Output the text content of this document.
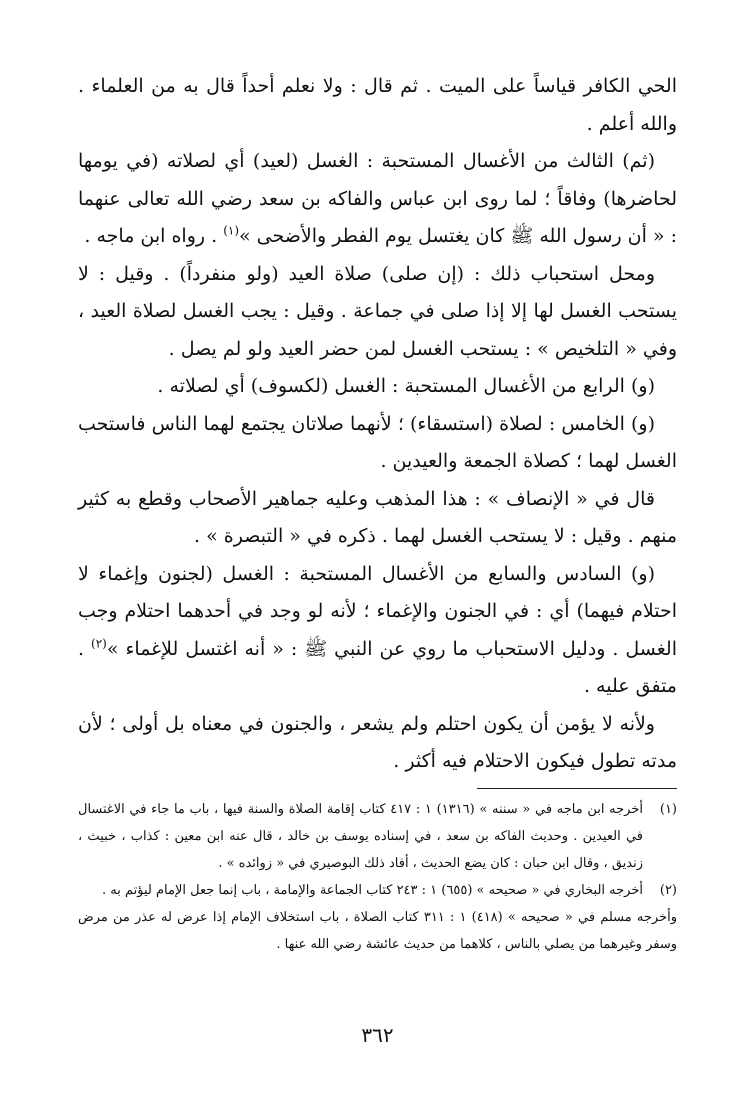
الحي الكافر قياساً على الميت . ثم قال : ولا نعلم أحداً قال به من العلماء . والله أعلم .

(ثم) الثالث من الأغسال المستحبة : الغسل (لعيد) أي لصلاته (في يومها لحاضرها) وفاقاً ؛ لما روى ابن عباس والفاكه بن سعد رضي الله تعالى عنهما : « أن رسول الله ﷺ كان يغتسل يوم الفطر والأضحى »$^{(١)}$ . رواه ابن ماجه .

ومحل استحباب ذلك : (إن صلى) صلاة العيد (ولو منفرداً) . وقيل : لا يستحب الغسل لها إلا إذا صلى في جماعة . وقيل : يجب الغسل لصلاة العيد ، وفي « التلخيص » : يستحب الغسل لمن حضر العيد ولو لم يصل .

(و) الرابع من الأغسال المستحبة : الغسل (لكسوف) أي لصلاته .

(و) الخامس : لصلاة (استسقاء) ؛ لأنهما صلاتان يجتمع لهما الناس فاستحب الغسل لهما ؛ كصلاة الجمعة والعيدين .

قال في « الإنصاف » : هذا المذهب وعليه جماهير الأصحاب وقطع به كثير منهم . وقيل : لا يستحب الغسل لهما . ذكره في « التبصرة » .

(و) السادس والسابع من الأغسال المستحبة : الغسل (لجنون وإغماء لا احتلام فيهما) أي : في الجنون والإغماء ؛ لأنه لو وجد في أحدهما احتلام وجب الغسل . ودليل الاستحباب ما روي عن النبي ﷺ : « أنه اغتسل للإغماء »$^{(٢)}$ . متفق عليه .

ولأنه لا يؤمن أن يكون احتلم ولم يشعر ، والجنون في معناه بل أولى ؛ لأن مدته تطول فيكون الاحتلام فيه أكثر .

(١)
أخرجه ابن ماجه في « سننه » (١٣١٦) ١ : ٤١٧ كتاب إقامة الصلاة والسنة فيها ، باب ما جاء في الاغتسال في العيدين . وحديث الفاكه بن سعد ، في إسناده يوسف بن خالد ، قال عنه ابن معين : كذاب ، خبيث ، زنديق ، وقال ابن حبان : كان يضع الحديث ، أفاد ذلك البوصيري في « زوائده » .
(٢)
أخرجه البخاري في « صحيحه » (٦٥٥) ١ : ٢٤٣ كتاب الجماعة والإمامة ، باب إنما جعل الإمام ليؤتم به .
وأخرجه مسلم في « صحيحه » (٤١٨) ١ : ٣١١ كتاب الصلاة ، باب استخلاف الإمام إذا عرض له عذر من مرض وسفر وغيرهما من يصلي بالناس ، كلاهما من حديث عائشة رضي الله عنها .
٣٦٢
